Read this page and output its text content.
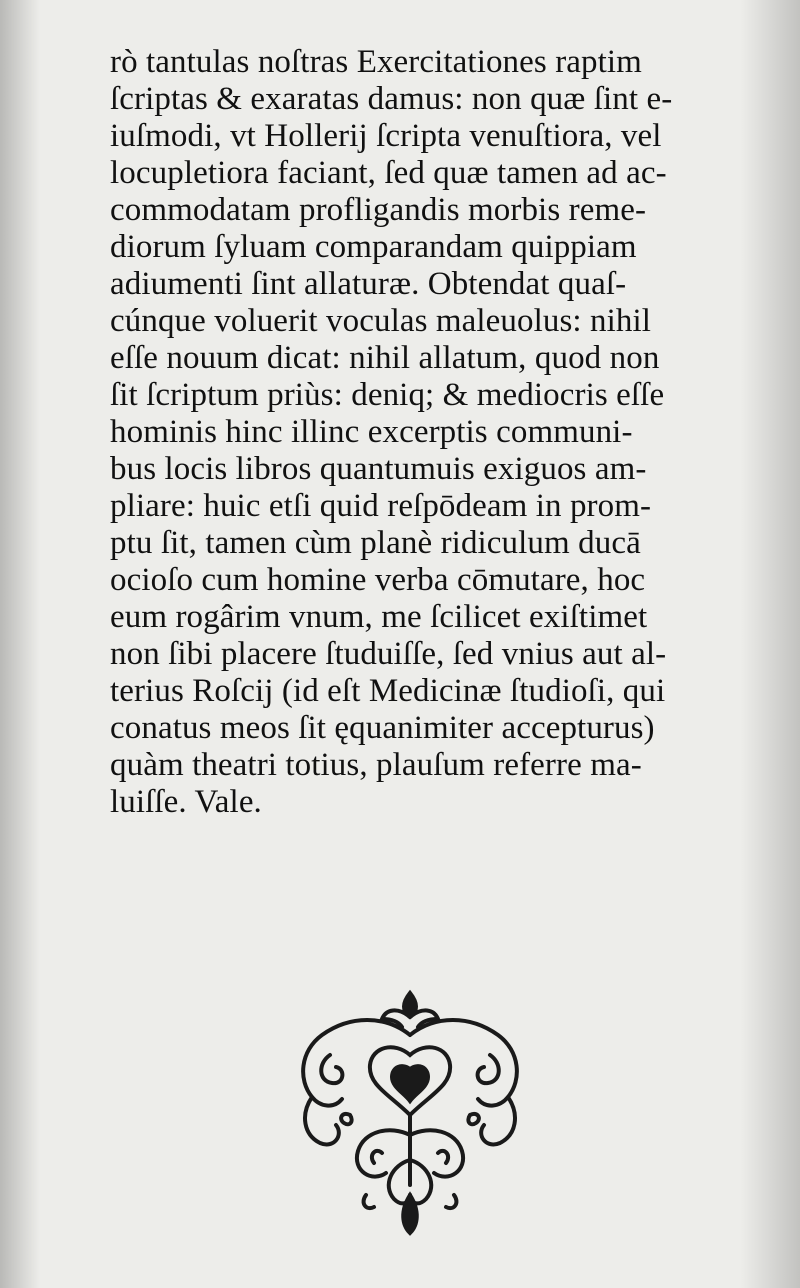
rò tantulas noſtras Exercitationes raptim
ſcriptas & exaratas damus: non quæ ſint e-
iuſmodi, vt Hollerij ſcripta venuſtiora, vel
locupletiora faciant, ſed quæ tamen ad ac-
commodatam profligandis morbis reme-
diorum ſyluam comparandam quippiam
adiumenti ſint allaturæ. Obtendat quaſ-
cúnque voluerit voculas maleuolus: nihil
eſſe nouum dicat: nihil allatum, quod non
ſit ſcriptum priùs: deniq; & mediocris eſſe
hominis hinc illinc excerptis communi-
bus locis libros quantumuis exiguos am-
pliare: huic etſi quid reſpōdeam in prom-
ptu ſit, tamen cùm planè ridiculum ducā
ocioſo cum homine verba cōmutare, hoc
eum rogârim vnum, me ſcilicet exiſtimet
non ſibi placere ſtuduiſſe, ſed vnius aut al-
terius Roſcij (id eſt Medicinæ ſtudioſi, qui
conatus meos ſit ęquanimiter accepturus)
quàm theatri totius, plauſum referre ma-
luiſſe. Vale.
